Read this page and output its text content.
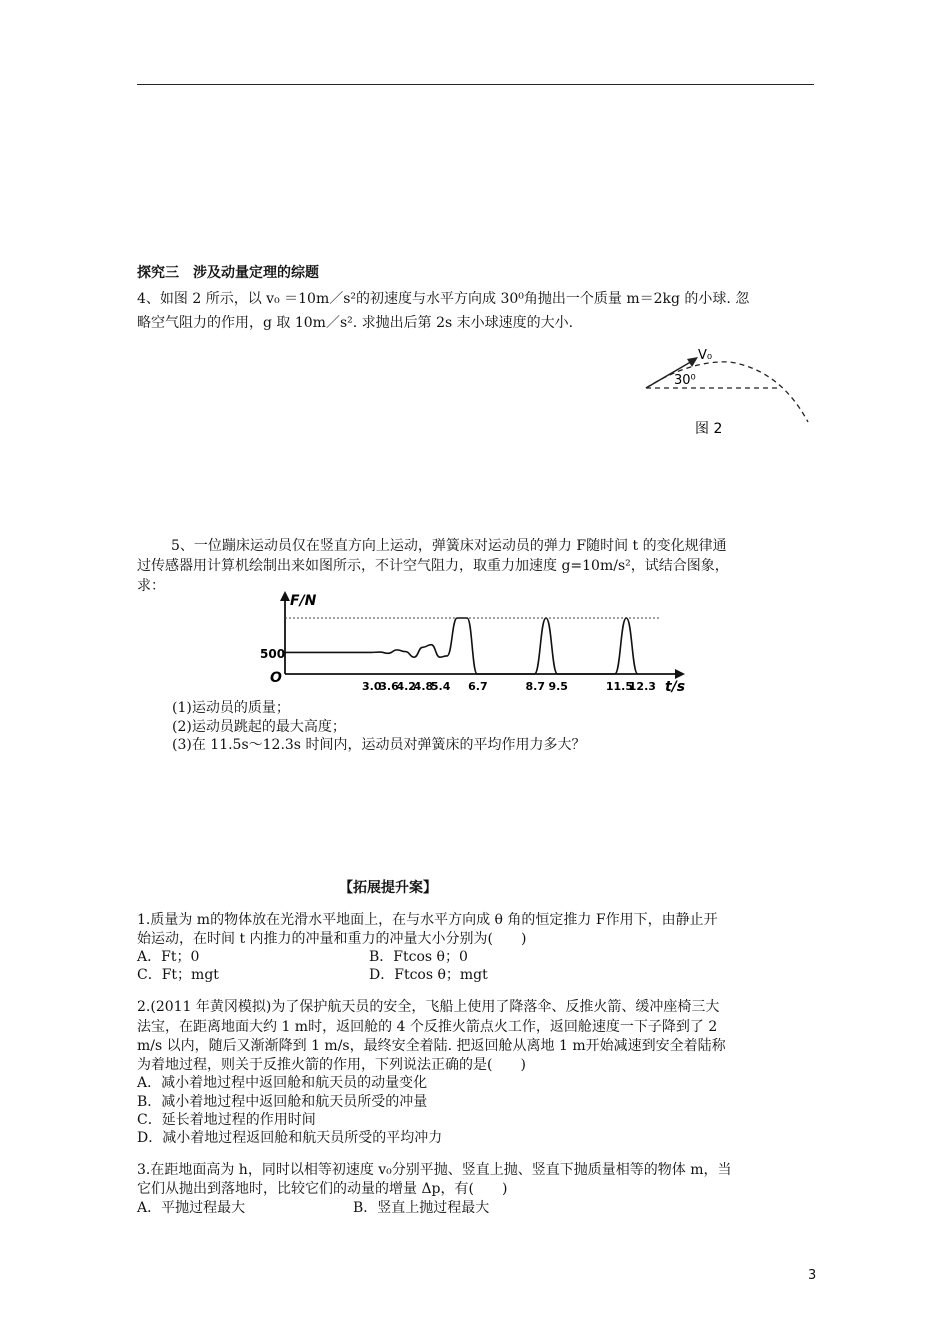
探究三　涉及动量定理的综题
4、如图 2 所示，以 v₀ ＝10m／s²的初速度与水平方向成 30⁰角抛出一个质量 m＝2kg 的小球. 忽
略空气阻力的作用，g 取 10m／s². 求抛出后第 2s 末小球速度的大小.
V₀
30⁰
图 2
5、一位蹦床运动员仅在竖直方向上运动，弹簧床对运动员的弹力 F随时间 t 的变化规律通
过传感器用计算机绘制出来如图所示，不计空气阻力，取重力加速度 g=10m/s²，试结合图象，
求：
F/N
t/s
O
500
3.0
3.6
4.2
4.8
5.4 6.7	8.7 9.5	11.5
12.3
(1)运动员的质量；
(2)运动员跳起的最大高度；
(3)在 11.5s～12.3s 时间内，运动员对弹簧床的平均作用力多大？
【拓展提升案】
1.质量为 m的物体放在光滑水平地面上，在与水平方向成 θ 角的恒定推力 F作用下，由静止开
始运动，在时间 t 内推力的冲量和重力的冲量大小分别为(　　)
A．Ft；0	B．Ftcos θ；0
C．Ft；mgt	D．Ftcos θ；mgt
2.(2011 年黄冈模拟)为了保护航天员的安全，飞船上使用了降落伞、反推火箭、缓冲座椅三大
法宝，在距离地面大约 1 m时，返回舱的 4 个反推火箭点火工作，返回舱速度一下子降到了 2
m/s 以内，随后又渐渐降到 1 m/s，最终安全着陆. 把返回舱从离地 1 m开始减速到安全着陆称
为着地过程，则关于反推火箭的作用，下列说法正确的是(　　)
A．减小着地过程中返回舱和航天员的动量变化
B．减小着地过程中返回舱和航天员所受的冲量
C．延长着地过程的作用时间
D．减小着地过程返回舱和航天员所受的平均冲力
3.在距地面高为 h，同时以相等初速度 v₀分别平抛、竖直上抛、竖直下抛质量相等的物体 m，当
它们从抛出到落地时，比较它们的动量的增量 Δp，有(　　)
A．平抛过程最大	B．竖直上抛过程最大
3
